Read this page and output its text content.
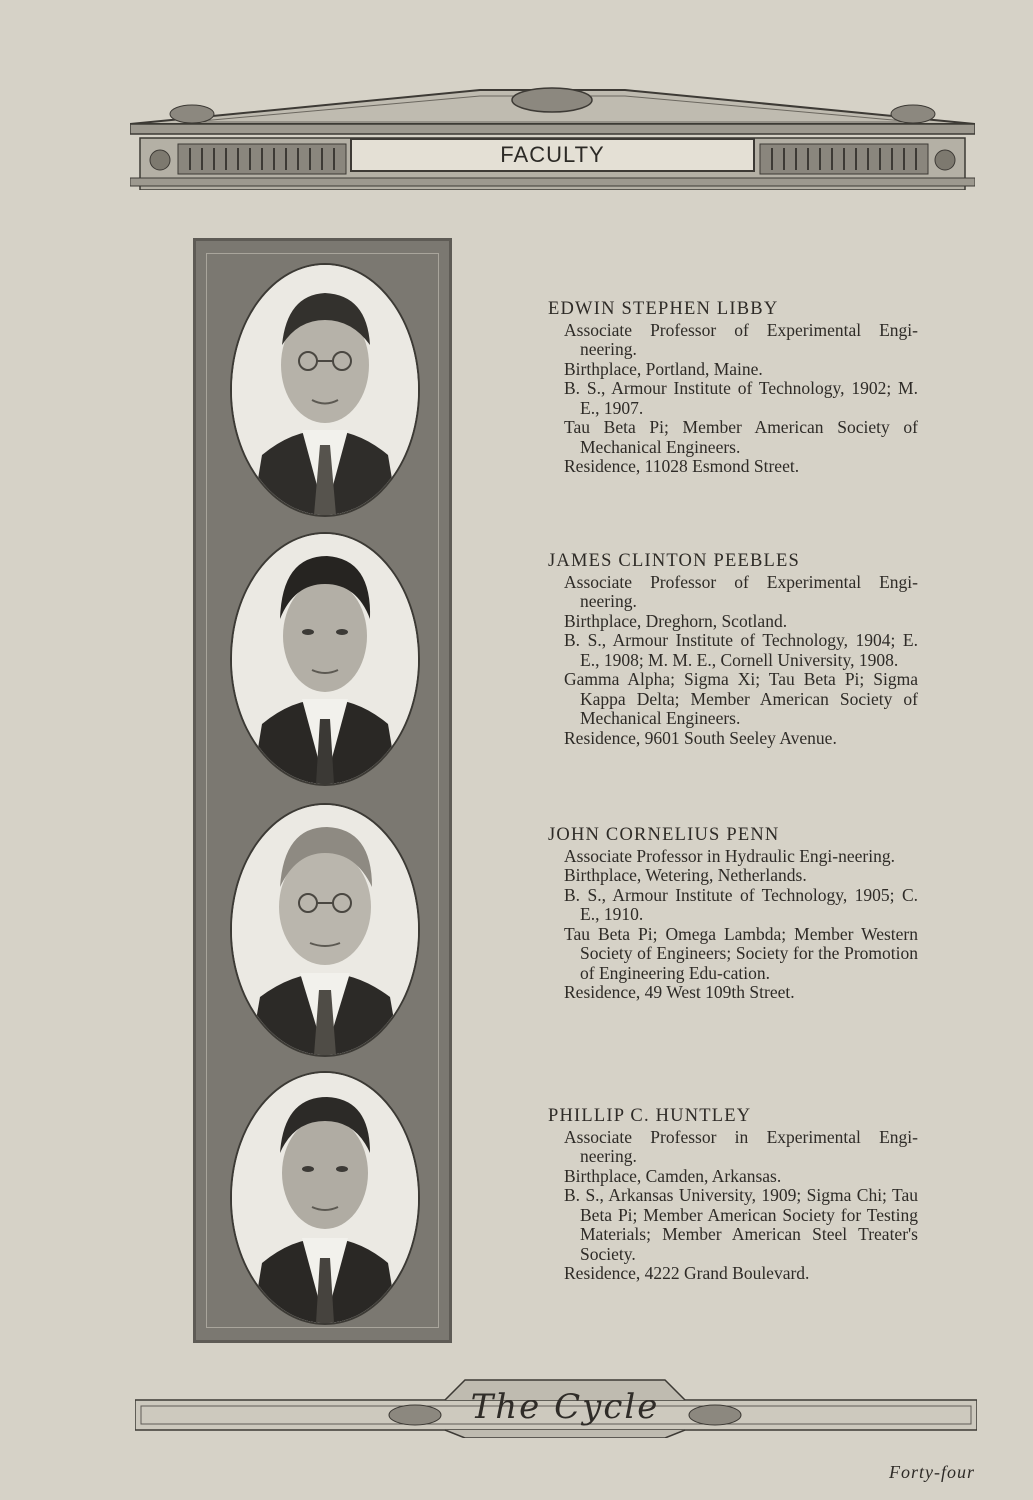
FACULTY
EDWIN STEPHEN LIBBY
Associate Professor of Experimental Engi-neering.
Birthplace, Portland, Maine.
B. S., Armour Institute of Technology, 1902; M. E., 1907.
Tau Beta Pi; Member American Society of Mechanical Engineers.
Residence, 11028 Esmond Street.
JAMES CLINTON PEEBLES
Associate Professor of Experimental Engi-neering.
Birthplace, Dreghorn, Scotland.
B. S., Armour Institute of Technology, 1904; E. E., 1908; M. M. E., Cornell University, 1908.
Gamma Alpha; Sigma Xi; Tau Beta Pi; Sigma Kappa Delta; Member American Society of Mechanical Engineers.
Residence, 9601 South Seeley Avenue.
JOHN CORNELIUS PENN
Associate Professor in Hydraulic Engi-neering.
Birthplace, Wetering, Netherlands.
B. S., Armour Institute of Technology, 1905; C. E., 1910.
Tau Beta Pi; Omega Lambda; Member Western Society of Engineers; Society for the Promotion of Engineering Edu-cation.
Residence, 49 West 109th Street.
PHILLIP C. HUNTLEY
Associate Professor in Experimental Engi-neering.
Birthplace, Camden, Arkansas.
B. S., Arkansas University, 1909; Sigma Chi; Tau Beta Pi; Member American Society for Testing Materials; Member American Steel Treater's Society.
Residence, 4222 Grand Boulevard.
The Cycle
Forty-four
